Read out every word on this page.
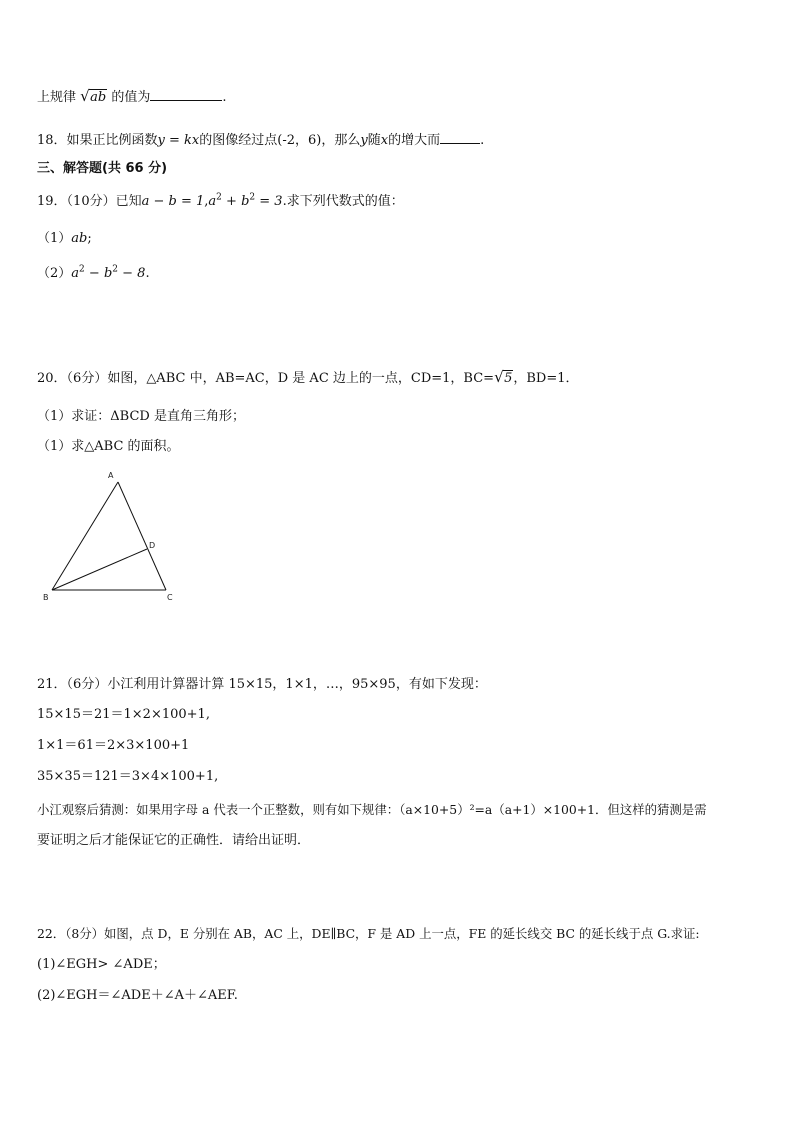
上规律 √ ab 的值为	.
18．如果正比例函数y = kx的图像经过点(-2，6)，那么y随x的增大而	.
三、解答题(共 66 分)
19．（10分）已知$a - b = 1,a^2 + b^2 = 3$.求下列代数式的值：
（1）ab;
$(2)a^2 - b^2 - 8$.
20．（6分）如图，△ABC 中，AB=AC，D 是 AC 边上的一点，CD=1，BC= √ 5，BD=1．
（1）求证：ΔBCD 是直角三角形；
（1）求△ABC 的面积。
A
B	C
D
21．（6分）小江利用计算器计算 15×15，1×1，…，95×95，有如下发现：
15×15＝21＝1×2×100+1,
1×1＝61＝2×3×100+1
35×35＝121＝3×4×100+1,
小江观察后猜测：如果用字母 a 代表一个正整数，则有如下规律：（a×10+5）²=a（a+1）×100+1．但这样的猜测是需
要证明之后才能保证它的正确性．请给出证明．
22．（8分）如图，点 D，E 分别在 AB，AC 上，DE∥BC，F 是 AD 上一点，FE 的延长线交 BC 的延长线于点 G.求证:
(1)∠EGH> ∠ADE；
(2)∠EGH＝∠ADE＋∠A＋∠AEF.
